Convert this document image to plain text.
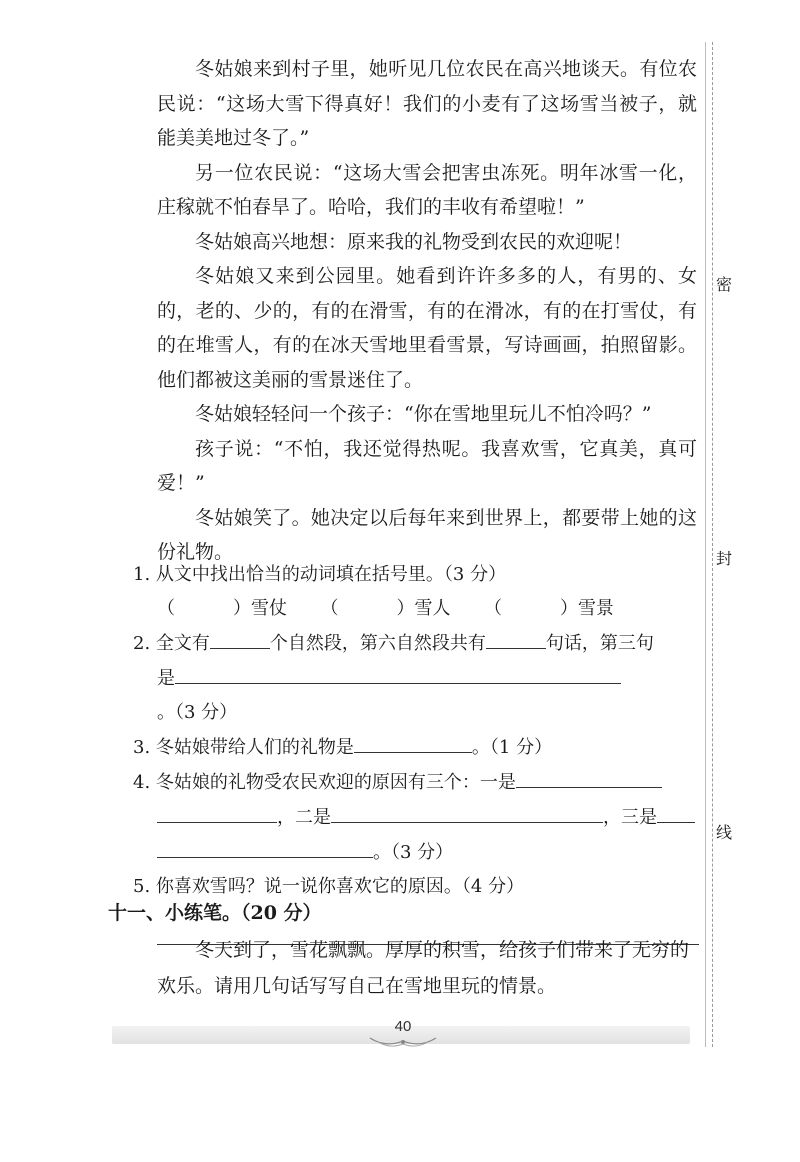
冬姑娘来到村子里，她听见几位农民在高兴地谈天。有位农民说：“这场大雪下得真好！我们的小麦有了这场雪当被子，就能美美地过冬了。”

另一位农民说：“这场大雪会把害虫冻死。明年冰雪一化，庄稼就不怕春旱了。哈哈，我们的丰收有希望啦！”

冬姑娘高兴地想：原来我的礼物受到农民的欢迎呢！

冬姑娘又来到公园里。她看到许许多多的人，有男的、女的，老的、少的，有的在滑雪，有的在滑冰，有的在打雪仗，有的在堆雪人，有的在冰天雪地里看雪景，写诗画画，拍照留影。他们都被这美丽的雪景迷住了。

冬姑娘轻轻问一个孩子：“你在雪地里玩儿不怕冷吗？”

孩子说：“不怕，我还觉得热呢。我喜欢雪，它真美，真可爱！”

冬姑娘笑了。她决定以后每年来到世界上，都要带上她的这份礼物。

1. 从文中找出恰当的动词填在括号里。（3 分）
（	）雪仗 （	）雪人 （	）雪景
2. 全文有	个自然段，第六自然段共有	句话，第三句
是。（3 分）
3. 冬姑娘带给人们的礼物是	。（1 分）
4. 冬姑娘的礼物受农民欢迎的原因有三个：一是
，二是	，三是
。（3 分）
5. 你喜欢雪吗？说一说你喜欢它的原因。（4 分）
十一、小练笔。（20 分）

冬天到了，雪花飘飘。厚厚的积雪，给孩子们带来了无穷的欢乐。请用几句话写写自己在雪地里玩的情景。

40
密
封
线
